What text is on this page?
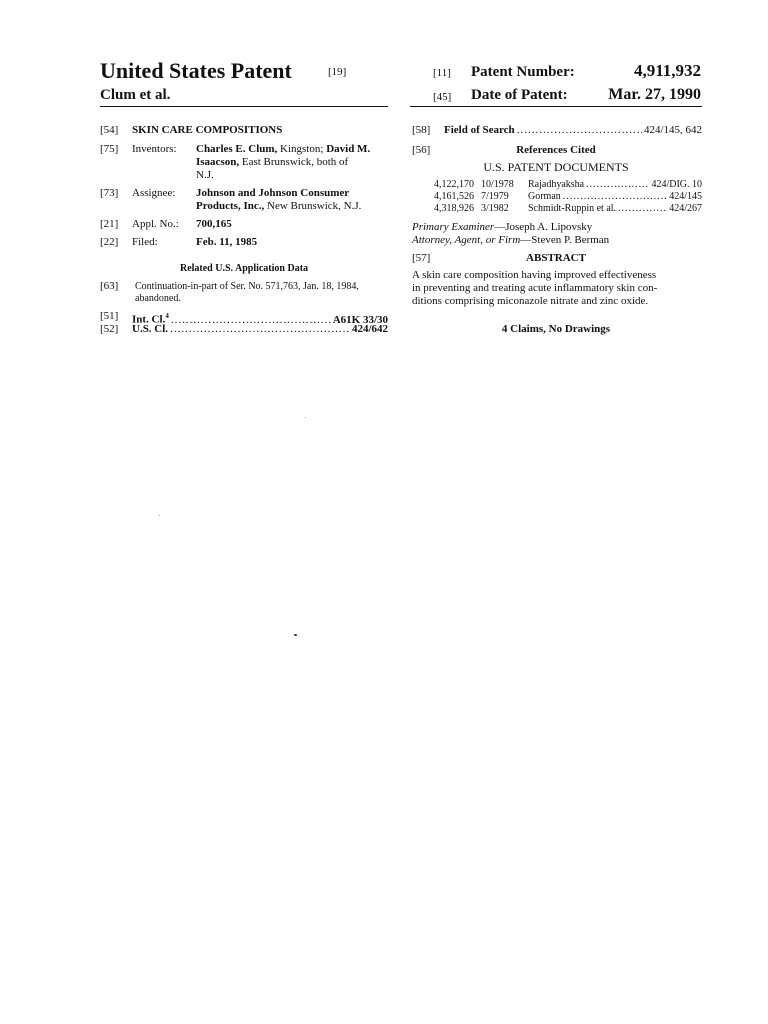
United States Patent	[19]
Clum et al.
[11] Patent Number:	4,911,932
[45] Date of Patent:	Mar. 27, 1990
[54] SKIN CARE COMPOSITIONS
[75] Inventors: Charles E. Clum, Kingston; David M.
Isaacson, East Brunswick, both of
N.J.
[73] Assignee: Johnson and Johnson Consumer
Products, Inc., New Brunswick, N.J.
[21] Appl. No.: 700,165
[22] Filed:	Feb. 11, 1985
Related U.S. Application Data
[63] Continuation-in-part of Ser. No. 571,763, Jan. 18, 1984,
abandoned.
[51] Int. Cl.$^4$ .....	A61K 33/30
[52] U.S. Cl. .....	424/642
[58] Field of Search .....	424/145, 642
[56]	References Cited
U.S. PATENT DOCUMENTS
4,122,170 10/1978	Rajadhyaksha .....	424/DIG. 10
4,161,526 7/1979	Gorman .....	424/145
4,318,926 3/1982	Schmidt-Ruppin et al. .....	424/267
Primary Examiner—Joseph A. Lipovsky
Attorney, Agent, or Firm—Steven P. Berman
[57]	ABSTRACT
A skin care composition having improved effectiveness
in preventing and treating acute inflammatory skin con-
ditions comprising miconazole nitrate and zinc oxide.
4 Claims, No Drawings
